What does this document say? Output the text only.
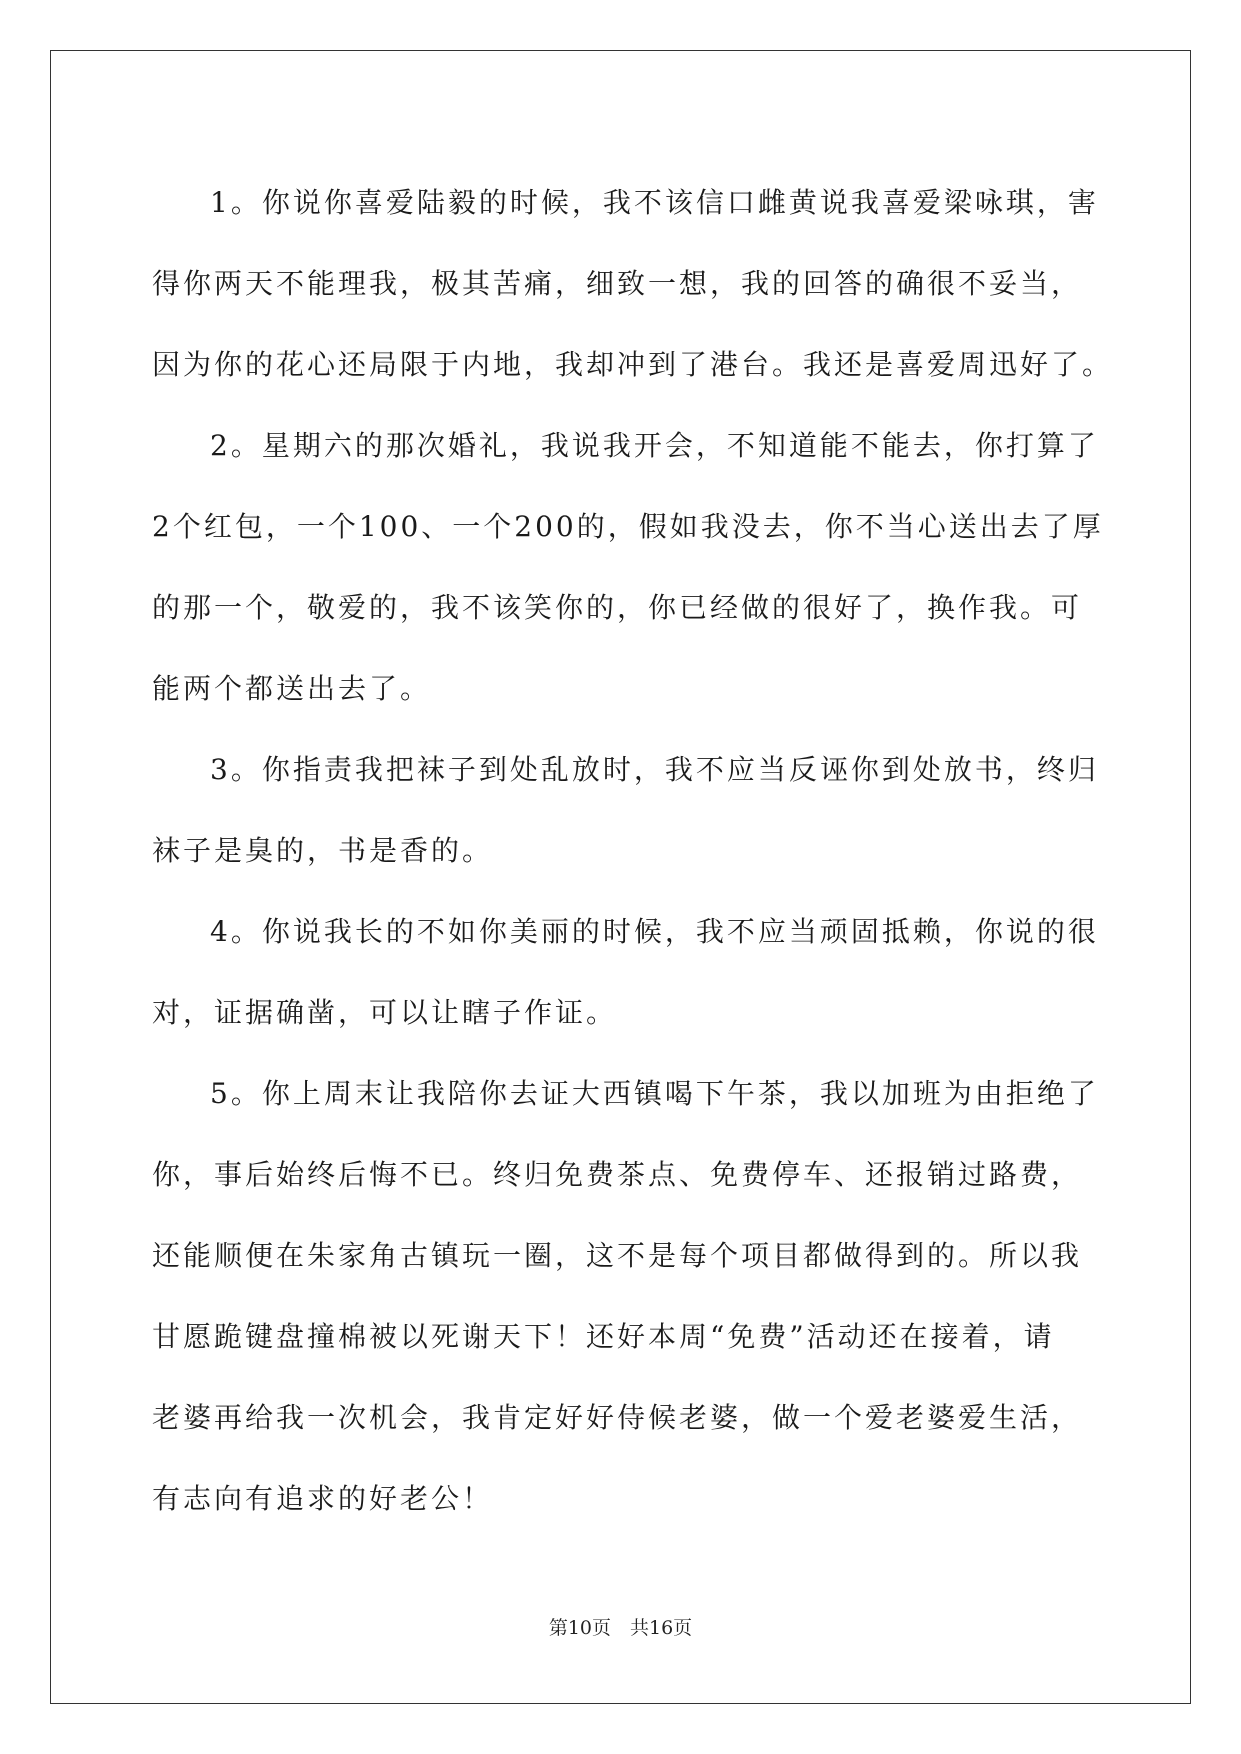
1。你说你喜爱陆毅的时候，我不该信口雌黄说我喜爱梁咏琪，害
得你两天不能理我，极其苦痛，细致一想，我的回答的确很不妥当，
因为你的花心还局限于内地，我却冲到了港台。我还是喜爱周迅好了。
2。星期六的那次婚礼，我说我开会，不知道能不能去，你打算了
2个红包，一个100、一个200的，假如我没去，你不当心送出去了厚
的那一个，敬爱的，我不该笑你的，你已经做的很好了，换作我。可
能两个都送出去了。
3。你指责我把袜子到处乱放时，我不应当反诬你到处放书，终归
袜子是臭的，书是香的。
4。你说我长的不如你美丽的时候，我不应当顽固抵赖，你说的很
对，证据确凿，可以让瞎子作证。
5。你上周末让我陪你去证大西镇喝下午茶，我以加班为由拒绝了
你，事后始终后悔不已。终归免费茶点、免费停车、还报销过路费，
还能顺便在朱家角古镇玩一圈，这不是每个项目都做得到的。所以我
甘愿跪键盘撞棉被以死谢天下！还好本周“免费”活动还在接着，请
老婆再给我一次机会，我肯定好好侍候老婆，做一个爱老婆爱生活，
有志向有追求的好老公！
第10页　共16页
